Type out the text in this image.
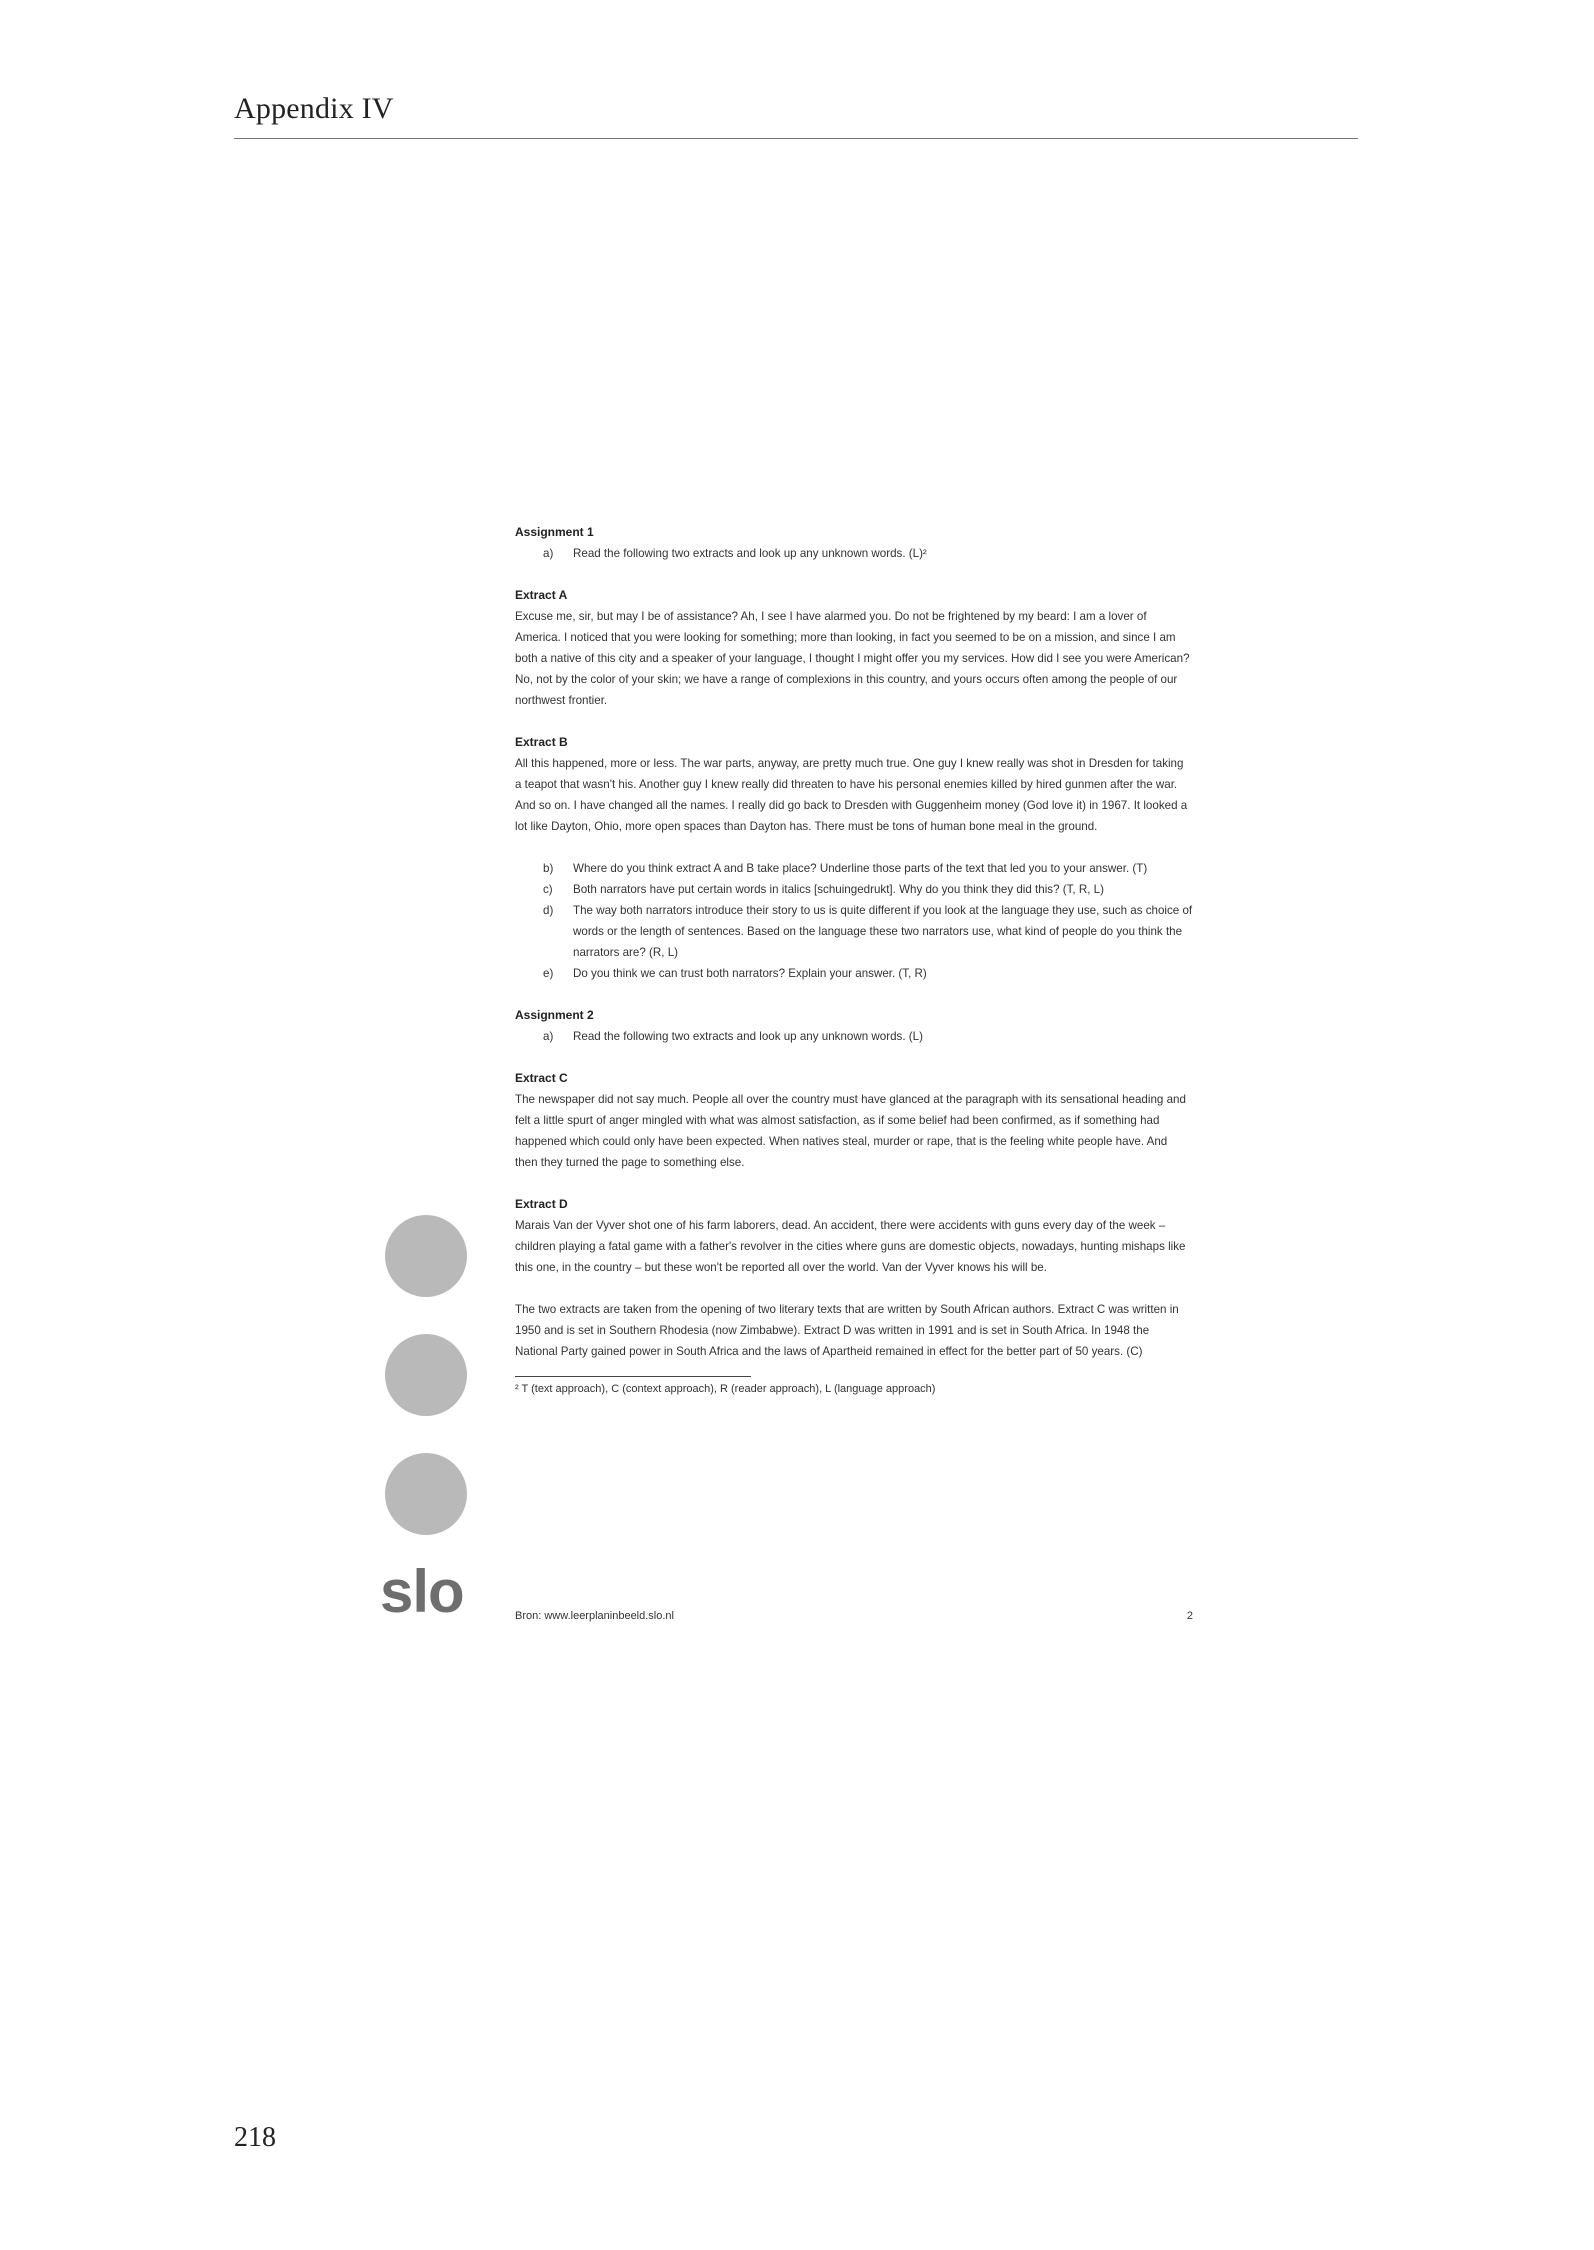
Appendix IV
slo
Assignment 1
a)	Read the following two extracts and look up any unknown words. (L)²
Extract A

Excuse me, sir, but may I be of assistance? Ah, I see I have alarmed you. Do not be frightened by my beard: I am a lover of America. I noticed that you were looking for something; more than looking, in fact you seemed to be on a mission, and since I am both a native of this city and a speaker of your language, I thought I might offer you my services. How did I see you were American? No, not by the color of your skin; we have a range of complexions in this country, and yours occurs often among the people of our northwest frontier.

Extract B

All this happened, more or less. The war parts, anyway, are pretty much true. One guy I knew really was shot in Dresden for taking a teapot that wasn't his. Another guy I knew really did threaten to have his personal enemies killed by hired gunmen after the war. And so on. I have changed all the names. I really did go back to Dresden with Guggenheim money (God love it) in 1967. It looked a lot like Dayton, Ohio, more open spaces than Dayton has. There must be tons of human bone meal in the ground.

b)	Where do you think extract A and B take place? Underline those parts of the text that led you to your answer. (T)
c)	Both narrators have put certain words in italics [schuingedrukt]. Why do you think they did this? (T, R, L)
d)	The way both narrators introduce their story to us is quite different if you look at the language they use, such as choice of words or the length of sentences. Based on the language these two narrators use, what kind of people do you think the narrators are? (R, L)
e)	Do you think we can trust both narrators? Explain your answer. (T, R)
Assignment 2
a)	Read the following two extracts and look up any unknown words. (L)
Extract C

The newspaper did not say much. People all over the country must have glanced at the paragraph with its sensational heading and felt a little spurt of anger mingled with what was almost satisfaction, as if some belief had been confirmed, as if something had happened which could only have been expected. When natives steal, murder or rape, that is the feeling white people have. And then they turned the page to something else.

Extract D

Marais Van der Vyver shot one of his farm laborers, dead. An accident, there were accidents with guns every day of the week – children playing a fatal game with a father's revolver in the cities where guns are domestic objects, nowadays, hunting mishaps like this one, in the country – but these won't be reported all over the world. Van der Vyver knows his will be.

The two extracts are taken from the opening of two literary texts that are written by South African authors. Extract C was written in 1950 and is set in Southern Rhodesia (now Zimbabwe). Extract D was written in 1991 and is set in South Africa. In 1948 the National Party gained power in South Africa and the laws of Apartheid remained in effect for the better part of 50 years. (C)

² T (text approach), C (context approach), R (reader approach), L (language approach)
Bron: www.leerplaninbeeld.slo.nl	2
218
